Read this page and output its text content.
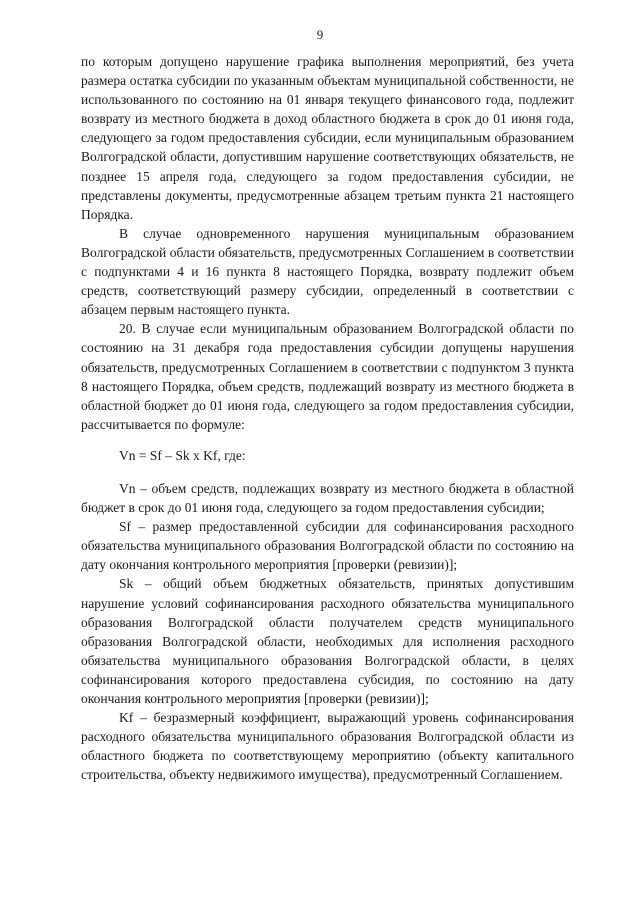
9

по которым допущено нарушение графика выполнения мероприятий, без учета размера остатка субсидии по указанным объектам муниципальной собственности, не использованного по состоянию на 01 января текущего финансового года, подлежит возврату из местного бюджета в доход областного бюджета в срок до 01 июня года, следующего за годом предоставления субсидии, если муниципальным образованием Волгоградской области, допустившим нарушение соответствующих обязательств, не позднее 15 апреля года, следующего за годом предоставления субсидии, не представлены документы, предусмотренные абзацем третьим пункта 21 настоящего Порядка.

В случае одновременного нарушения муниципальным образованием Волгоградской области обязательств, предусмотренных Соглашением в соответствии с подпунктами 4 и 16 пункта 8 настоящего Порядка, возврату подлежит объем средств, соответствующий размеру субсидии, определенный в соответствии с абзацем первым настоящего пункта.

20. В случае если муниципальным образованием Волгоградской области по состоянию на 31 декабря года предоставления субсидии допущены нарушения обязательств, предусмотренных Соглашением в соответствии с подпунктом 3 пункта 8 настоящего Порядка, объем средств, подлежащий возврату из местного бюджета в областной бюджет до 01 июня года, следующего за годом предоставления субсидии, рассчитывается по формуле:

Vn = Sf – Sk x Kf, где:

Vn – объем средств, подлежащих возврату из местного бюджета в областной бюджет в срок до 01 июня года, следующего за годом предоставления субсидии;

Sf – размер предоставленной субсидии для софинансирования расходного обязательства муниципального образования Волгоградской области по состоянию на дату окончания контрольного мероприятия [проверки (ревизии)];

Sk – общий объем бюджетных обязательств, принятых допустившим нарушение условий софинансирования расходного обязательства муниципального образования Волгоградской области получателем средств муниципального образования Волгоградской области, необходимых для исполнения расходного обязательства муниципального образования Волгоградской области, в целях софинансирования которого предоставлена субсидия, по состоянию на дату окончания контрольного мероприятия [проверки (ревизии)];

Kf – безразмерный коэффициент, выражающий уровень софинансирования расходного обязательства муниципального образования Волгоградской области из областного бюджета по соответствующему мероприятию (объекту капитального строительства, объекту недвижимого имущества), предусмотренный Соглашением.
